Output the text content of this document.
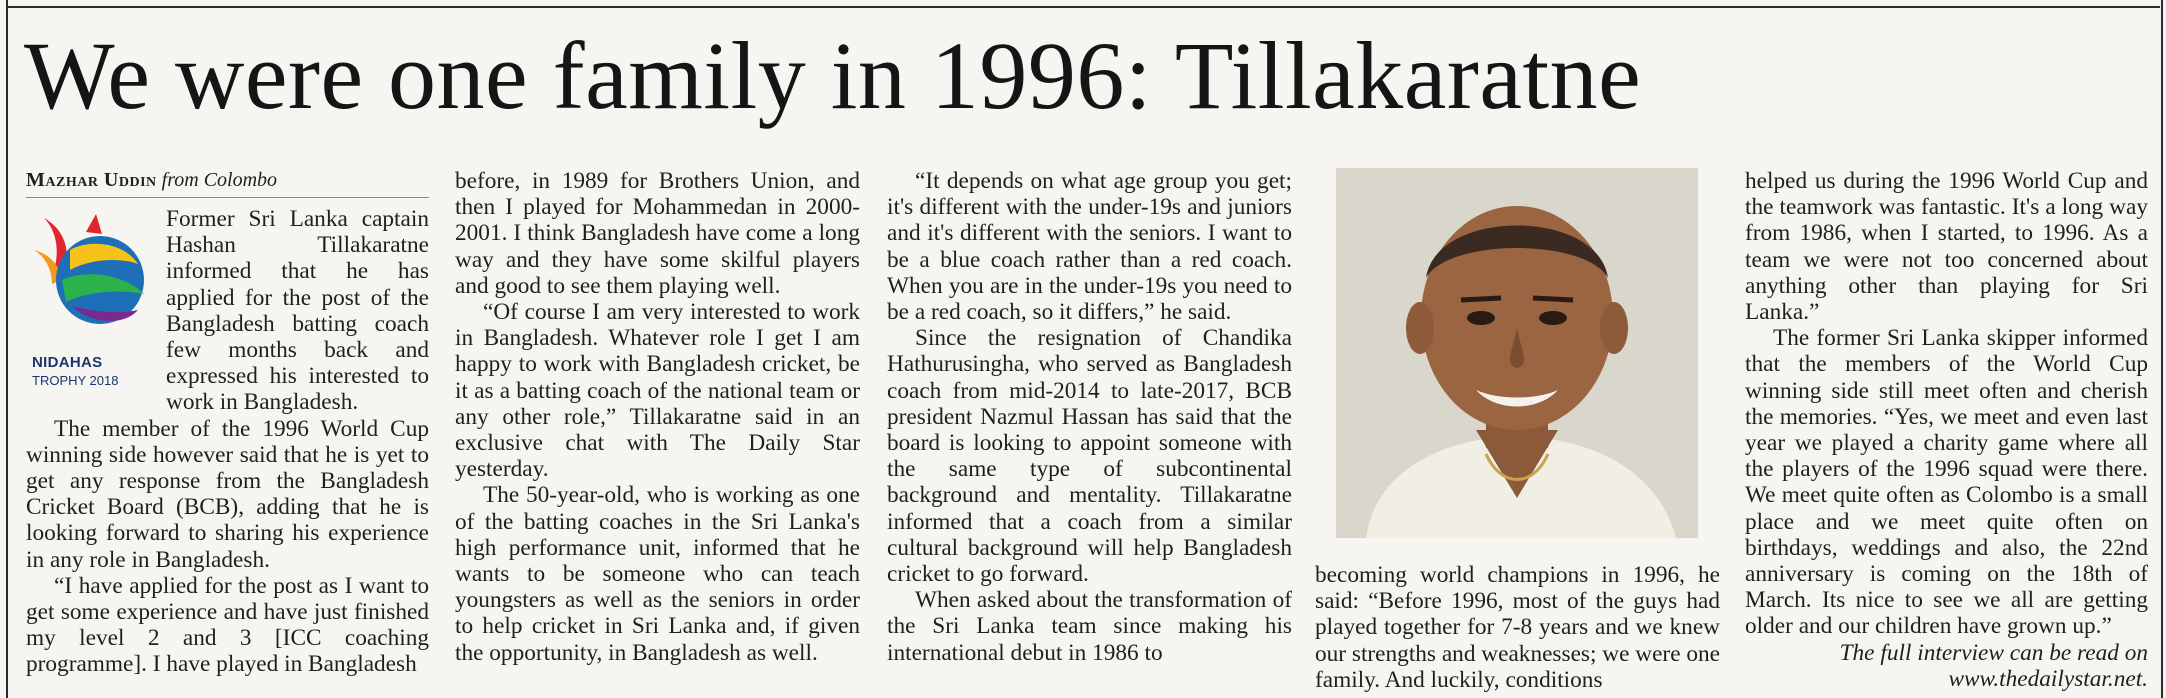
We were one family in 1996: Tillakaratne
Mazhar Uddin from Colombo
NIDAHAS
TROPHY 2018

Former Sri Lanka captain Hashan Tillakaratne informed that he has applied for the post of the Bangladesh batting coach few months back and expressed his interested to work in Bangladesh.

The member of the 1996 World Cup winning side however said that he is yet to get any response from the Bangladesh Cricket Board (BCB), adding that he is looking forward to sharing his experience in any role in Bangladesh.

“I have applied for the post as I want to get some experience and have just finished my level 2 and 3 [ICC coaching programme]. I have played in Bangladesh

before, in 1989 for Brothers Union, and then I played for Mohammedan in 2000-2001. I think Bangladesh have come a long way and they have some skilful players and good to see them playing well.

“Of course I am very interested to work in Bangladesh. Whatever role I get I am happy to work with Bangladesh cricket, be it as a batting coach of the national team or any other role,” Tillakaratne said in an exclusive chat with The Daily Star yesterday.

The 50-year-old, who is working as one of the batting coaches in the Sri Lanka's high performance unit, informed that he wants to be someone who can teach youngsters as well as the seniors in order to help cricket in Sri Lanka and, if given the opportunity, in Bangladesh as well.

“It depends on what age group you get; it's different with the under-19s and juniors and it's different with the seniors. I want to be a blue coach rather than a red coach. When you are in the under-19s you need to be a red coach, so it differs,” he said.

Since the resignation of Chandika Hathurusingha, who served as Bangladesh coach from mid-2014 to late-2017, BCB president Nazmul Hassan has said that the board is looking to appoint someone with the same type of subcontinental background and mentality. Tillakaratne informed that a coach from a similar cultural background will help Bangladesh cricket to go forward.

When asked about the transformation of the Sri Lanka team since making his international debut in 1986 to

becoming world champions in 1996, he said: “Before 1996, most of the guys had played together for 7-8 years and we knew our strengths and weaknesses; we were one family. And luckily, conditions

helped us during the 1996 World Cup and the teamwork was fantastic. It's a long way from 1986, when I started, to 1996. As a team we were not too concerned about anything other than playing for Sri Lanka.”

The former Sri Lanka skipper informed that the members of the World Cup winning side still meet often and cherish the memories. “Yes, we meet and even last year we played a charity game where all the players of the 1996 squad were there. We meet quite often as Colombo is a small place and we meet quite often on birthdays, weddings and also, the 22nd anniversary is coming on the 18th of March. Its nice to see we all are getting older and our children have grown up.”

The full interview can be read on

www.thedailystar.net.
